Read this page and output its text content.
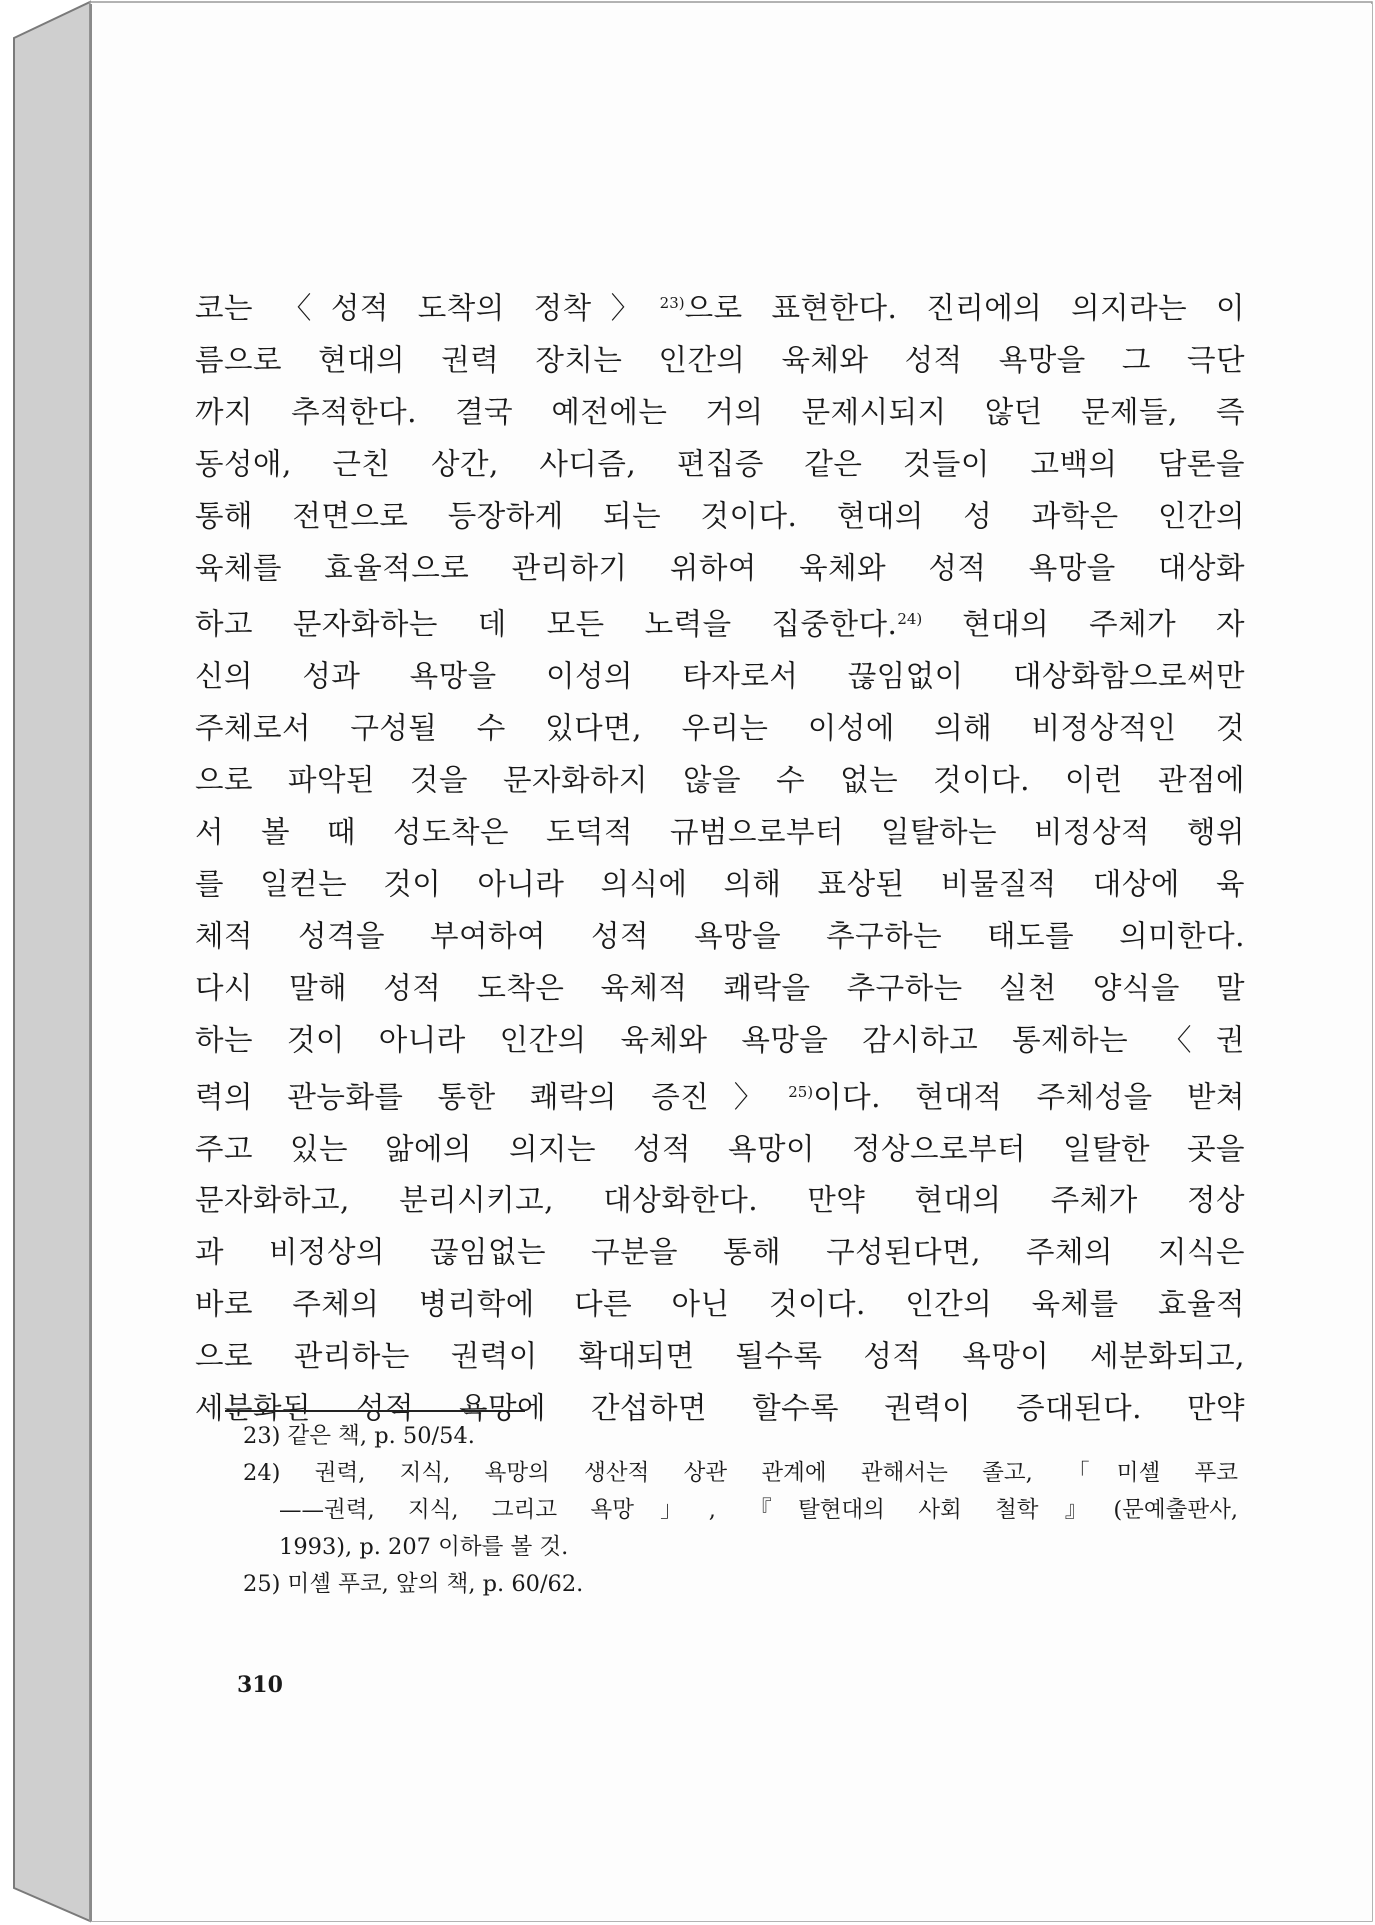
코는 〈성적 도착의 정착〉$^{23)}$으로 표현한다. 진리에의 의지라는 이
름으로 현대의 권력 장치는 인간의 육체와 성적 욕망을 그 극단
까지 추적한다. 결국 예전에는 거의 문제시되지 않던 문제들, 즉
동성애, 근친 상간, 사디즘, 편집증 같은 것들이 고백의 담론을
통해 전면으로 등장하게 되는 것이다. 현대의 성 과학은 인간의
육체를 효율적으로 관리하기 위하여 육체와 성적 욕망을 대상화
하고 문자화하는 데 모든 노력을 집중한다.$^{24)}$ 현대의 주체가 자
신의 성과 욕망을 이성의 타자로서 끊임없이 대상화함으로써만
주체로서 구성될 수 있다면, 우리는 이성에 의해 비정상적인 것
으로 파악된 것을 문자화하지 않을 수 없는 것이다. 이런 관점에
서 볼 때 성도착은 도덕적 규범으로부터 일탈하는 비정상적 행위
를 일컫는 것이 아니라 의식에 의해 표상된 비물질적 대상에 육
체적 성격을 부여하여 성적 욕망을 추구하는 태도를 의미한다.
다시 말해 성적 도착은 육체적 쾌락을 추구하는 실천 양식을 말
하는 것이 아니라 인간의 육체와 욕망을 감시하고 통제하는 〈권
력의 관능화를 통한 쾌락의 증진〉$^{25)}$이다. 현대적 주체성을 받쳐
주고 있는 앎에의 의지는 성적 욕망이 정상으로부터 일탈한 곳을
문자화하고, 분리시키고, 대상화한다. 만약 현대의 주체가 정상
과 비정상의 끊임없는 구분을 통해 구성된다면, 주체의 지식은
바로 주체의 병리학에 다른 아닌 것이다. 인간의 육체를 효율적
으로 관리하는 권력이 확대되면 될수록 성적 욕망이 세분화되고,
세분화된 성적 욕망에 간섭하면 할수록 권력이 증대된다. 만약
23) 같은 책, p. 50/54.
24) 권력, 지식, 욕망의 생산적 상관 관계에 관해서는 졸고, 「미셸 푸코
——권력, 지식, 그리고 욕망」, 『탈현대의 사회 철학』(문예출판사,
1993), p. 207 이하를 볼 것.
25) 미셸 푸코, 앞의 책, p. 60/62.
310
